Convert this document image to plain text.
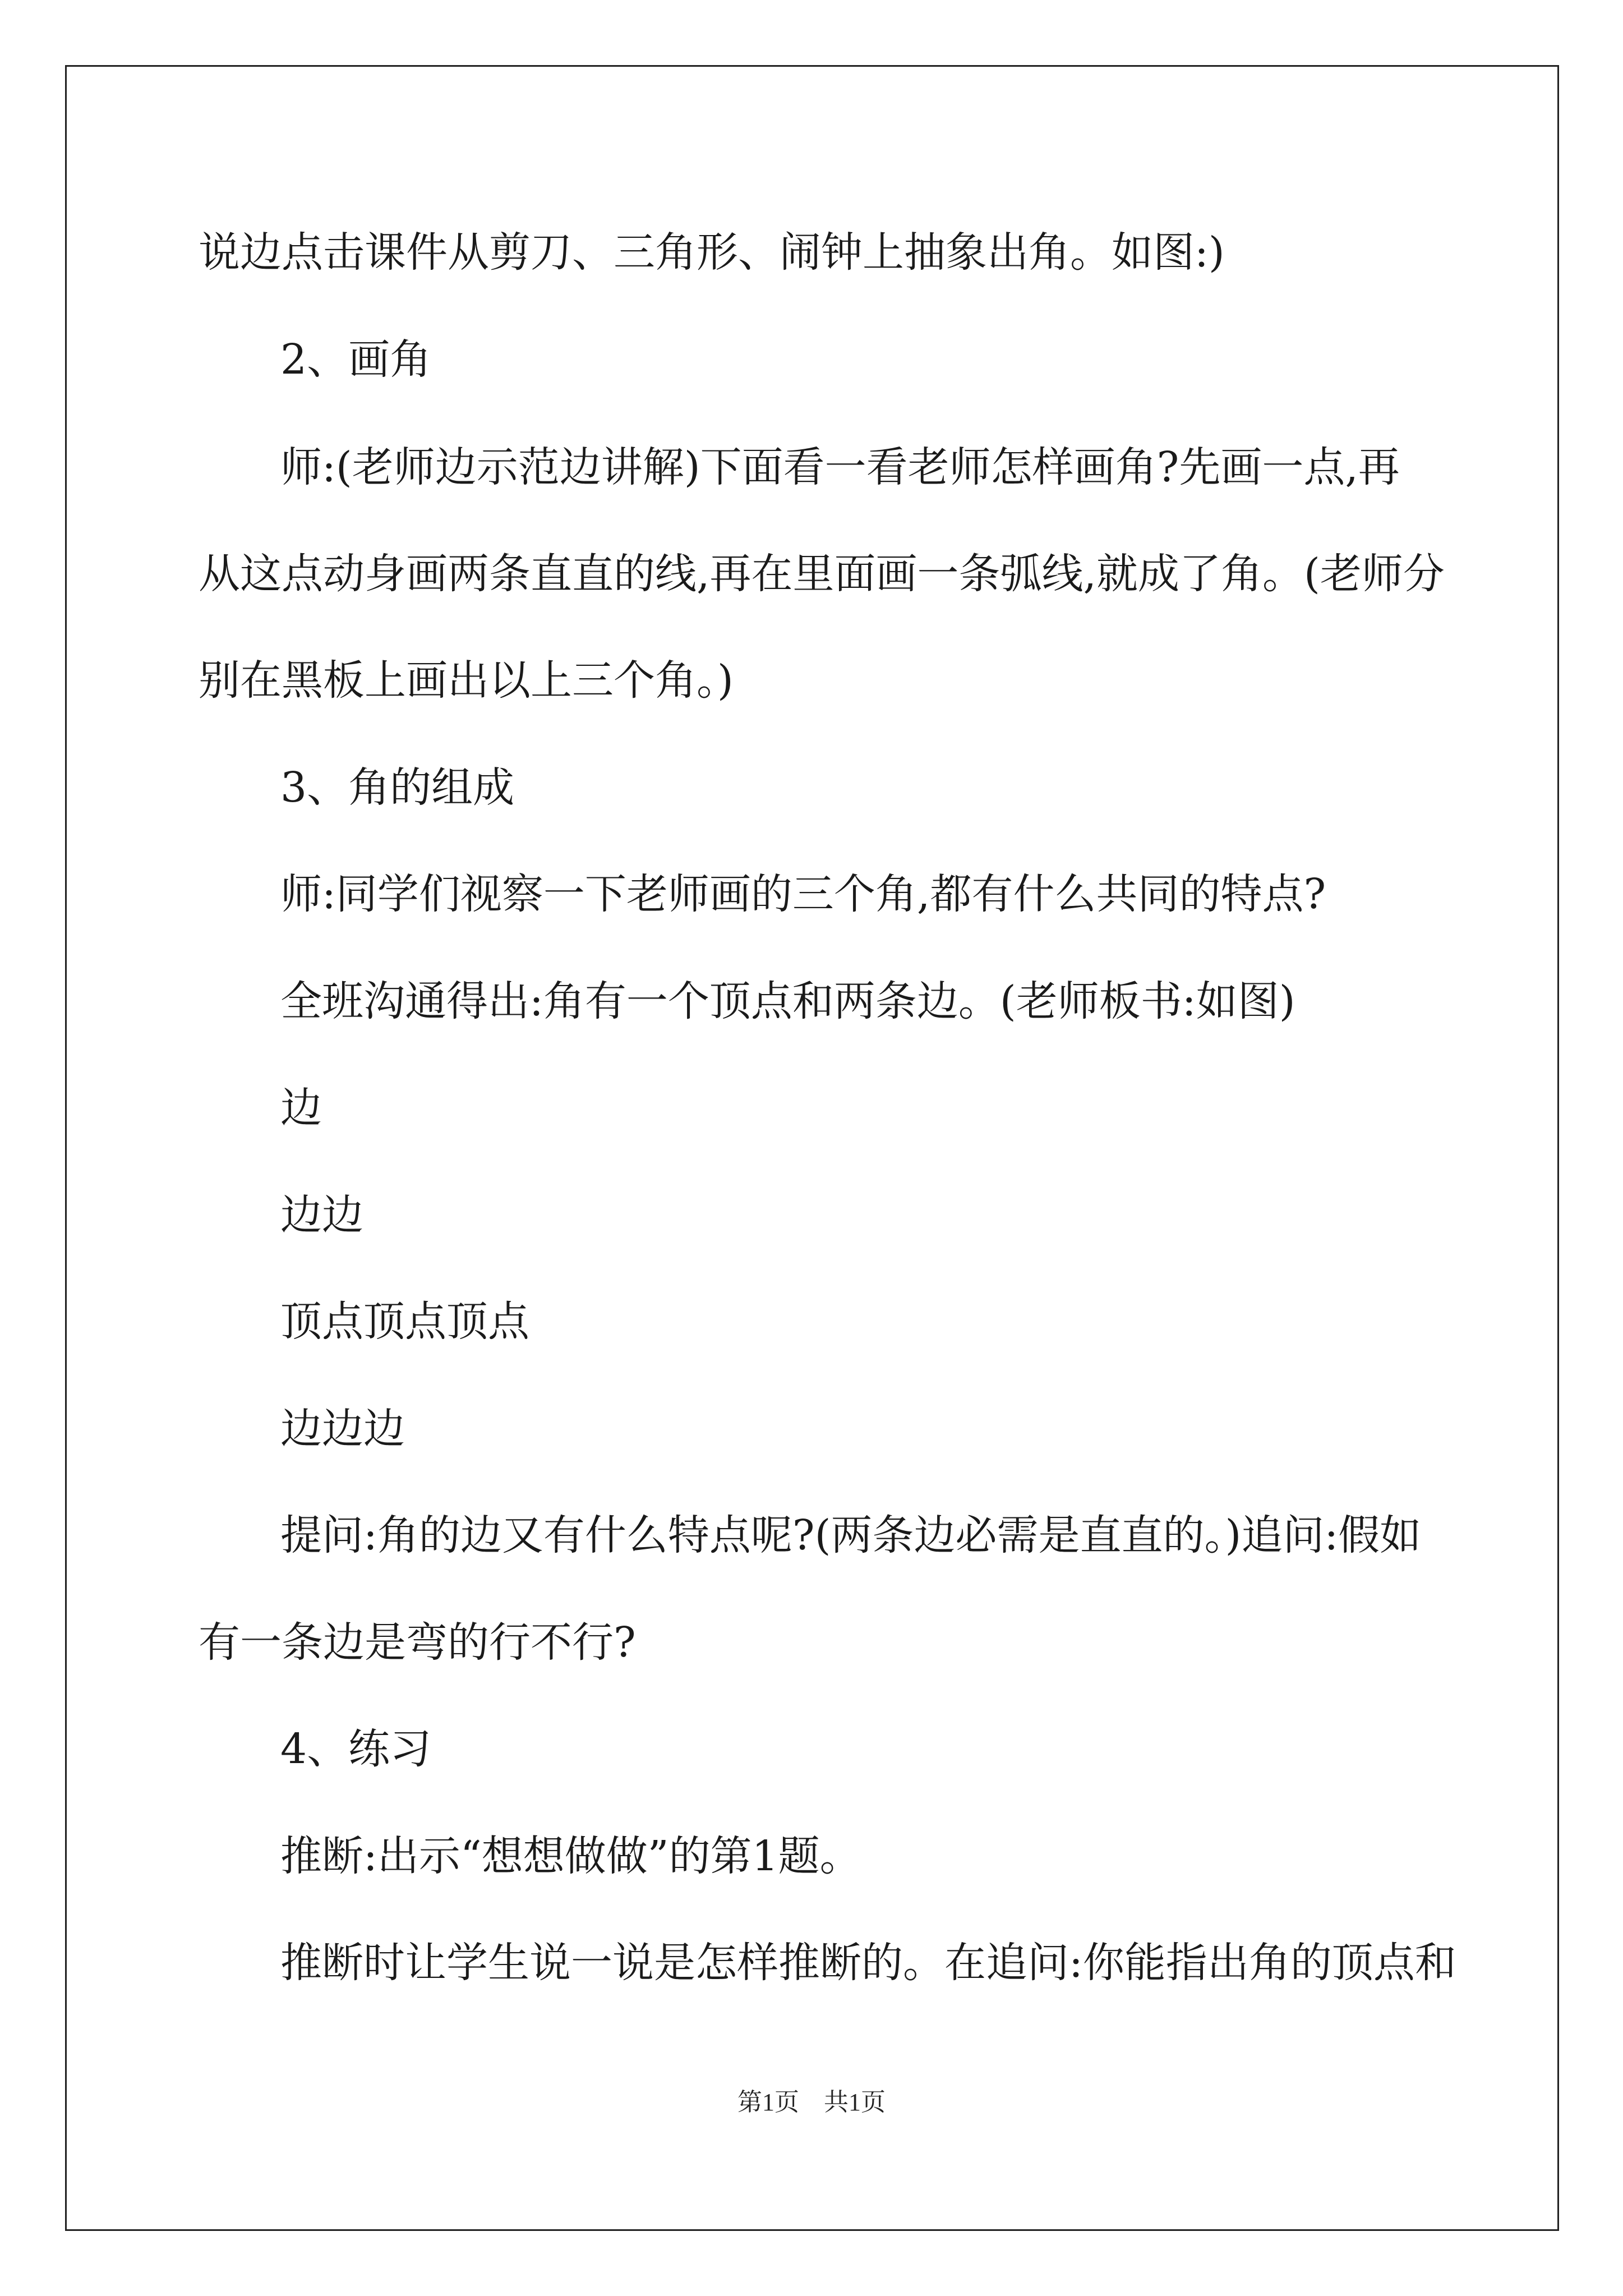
说边点击课件从剪刀、三角形、闹钟上抽象出角。如图:)
2、画角
师:(老师边示范边讲解)下面看一看老师怎样画角?先画一点,再
从这点动身画两条直直的线,再在里面画一条弧线,就成了角。(老师分
别在黑板上画出以上三个角。)
3、角的组成
师:同学们视察一下老师画的三个角,都有什么共同的特点?
全班沟通得出:角有一个顶点和两条边。(老师板书:如图)
边
边边
顶点顶点顶点
边边边
提问:角的边又有什么特点呢?(两条边必需是直直的。)追问:假如
有一条边是弯的行不行?
4、练习
推断:出示“想想做做”的第1题。
推断时让学生说一说是怎样推断的。在追问:你能指出角的顶点和
第1页　共1页
